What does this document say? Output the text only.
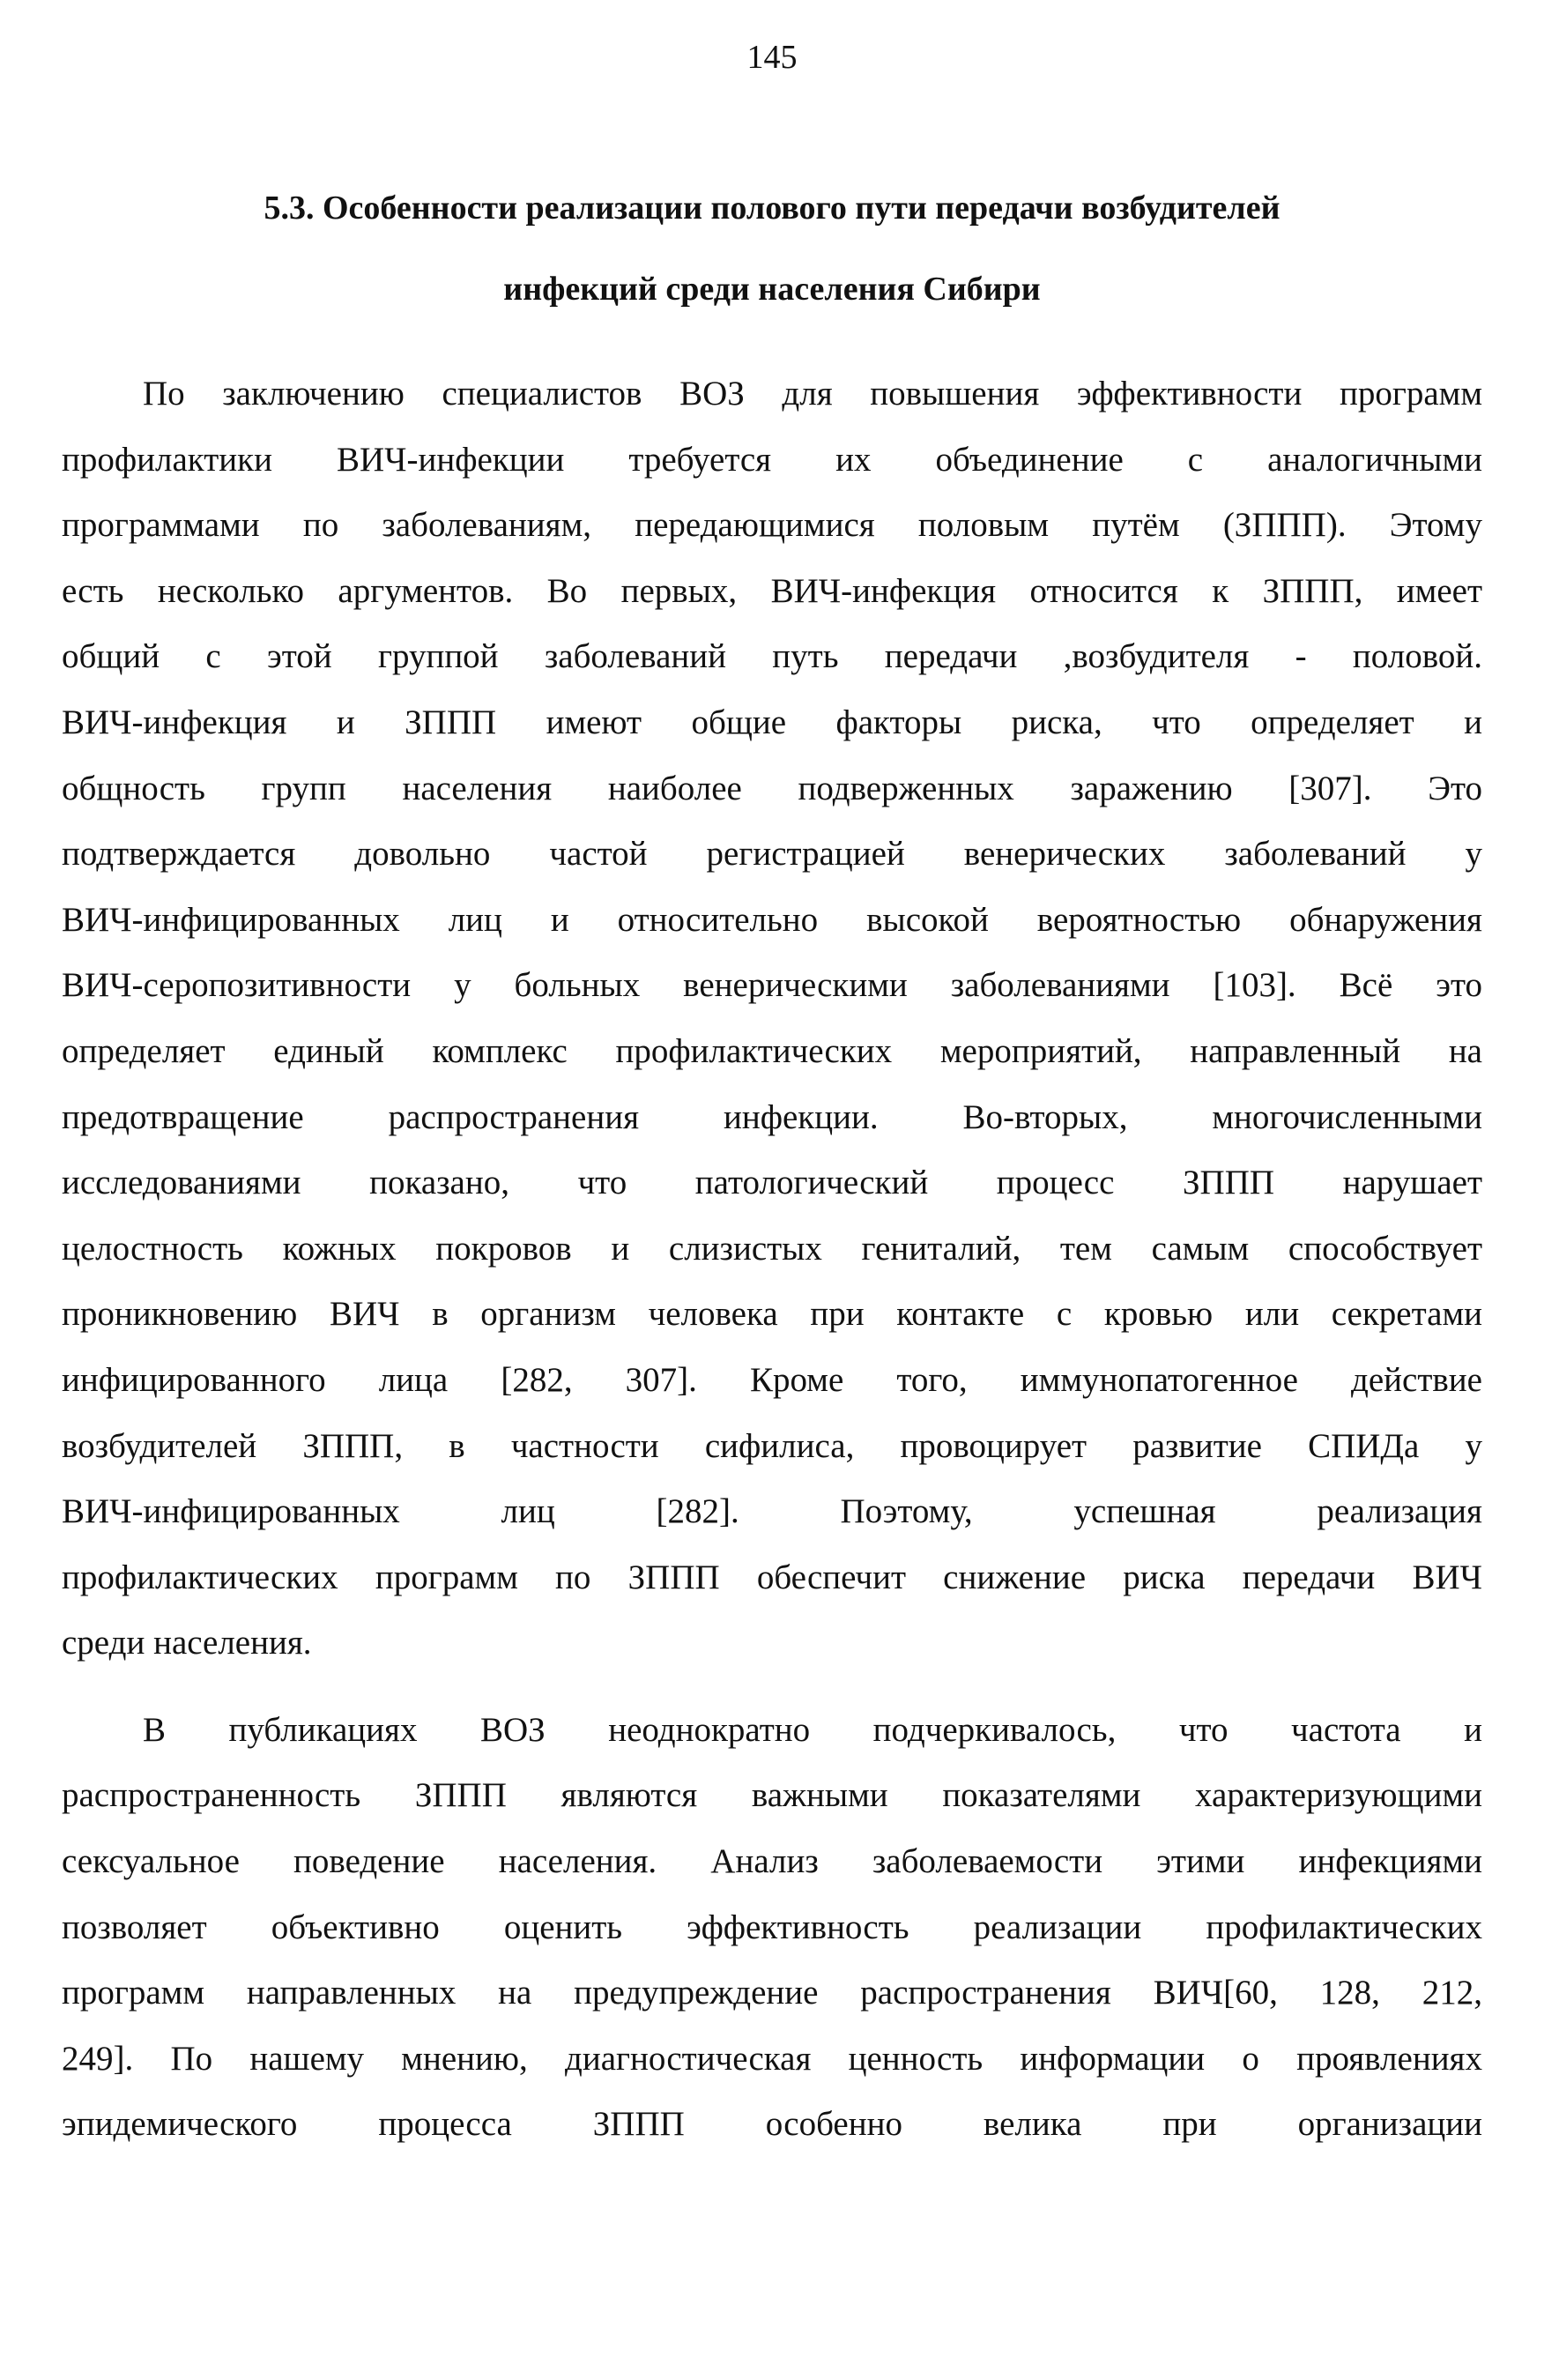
145
5.3. Особенности реализации полового пути передачи возбудителей
инфекций среди населения Сибири

По заключению специалистов ВОЗ для повышения эффективности программ
профилактики ВИЧ-инфекции требуется их объединение с аналогичными
программами по заболеваниям, передающимися половым путём (ЗППП). Этому
есть несколько аргументов. Во первых, ВИЧ-инфекция относится к ЗППП, имеет
общий с этой группой заболеваний путь передачи ,возбудителя - половой.
ВИЧ-инфекция и ЗППП имеют общие факторы риска, что определяет и
общность групп населения наиболее подверженных заражению [307]. Это
подтверждается довольно частой регистрацией венерических заболеваний у
ВИЧ-инфицированных лиц и относительно высокой вероятностью обнаружения
ВИЧ-серопозитивности у больных венерическими заболеваниями [103]. Всё это
определяет единый комплекс профилактических мероприятий, направленный на
предотвращение распространения инфекции. Во-вторых, многочисленными
исследованиями показано, что патологический процесс ЗППП нарушает
целостность кожных покровов и слизистых гениталий, тем самым способствует
проникновению ВИЧ в организм человека при контакте с кровью или секретами
инфицированного лица [282, 307]. Кроме того, иммунопатогенное действие
возбудителей ЗППП, в частности сифилиса, провоцирует развитие СПИДа у
ВИЧ-инфицированных лиц [282]. Поэтому, успешная реализация
профилактических программ по ЗППП обеспечит снижение риска передачи ВИЧ
среди населения.

В публикациях ВОЗ неоднократно подчеркивалось, что частота и
распространенность ЗППП являются важными показателями характеризующими
сексуальное поведение населения. Анализ заболеваемости этими инфекциями
позволяет объективно оценить эффективность реализации профилактических
программ направленных на предупреждение распространения ВИЧ[60, 128, 212,
249]. По нашему мнению, диагностическая ценность информации о проявлениях
эпидемического процесса ЗППП особенно велика при организации
